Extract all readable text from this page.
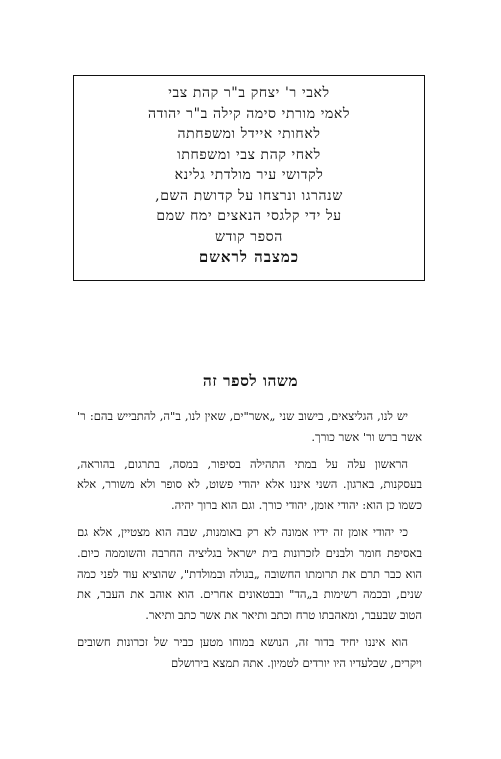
לאבי ר' יצחק ב"ר קהת צבי
לאמי מורתי סימה קילה ב"ר יהודה
לאחותי איידל ומשפחתה
לאחי קהת צבי ומשפחתו
לקדושי עיר מולדתי גלינא
שנהרגו ונרצחו על קדושת השם,
על ידי קלגסי הנאצים ימח שמם
הספר קודש
כמצבה לראשם
משהו לספר זה

יש לנו, הגליצאים, בישוב שני „אשר"ים, שאין לנו, ב"ה, להתבייש בהם: ר' אשר ברש ור' אשר כורך.

הראשון עלה על במתי התהילה בסיפור, במסה, בתרגום, בהוראה, בעסקנות, בארגון. השני איננו אלא יהודי פשוט, לא סופר ולא משורר, אלא כשמו כן הוא: יהודי אומן, יהודי כורך. וגם הוא ברוך יהיה.

כי יהודי אומן זה ידיו אמונה לא רק באומנות, שבה הוא מצטיין, אלא גם באסיפת חומר ולבנים לזכרונות בית ישראל בגליציה החרבה והשוממה כיום. הוא כבר תרם את תרומתו החשובה „בגולה ובמולדת", שהוציא עוד לפני כמה שנים, ובכמה רשימות ב„הד" ובבטאונים אחרים. הוא אוהב את העבר, את הטוב שבעבר, ומאהבתו טרח וכתב ותיאר את אשר כתב ותיאר.

הוא איננו יחיד בדור זה, הנושא במוחו מטען כביר של זכרונות חשובים ויקרים, שבלעדיו היו יורדים לטמיון. אתה תמצא בירושלם
